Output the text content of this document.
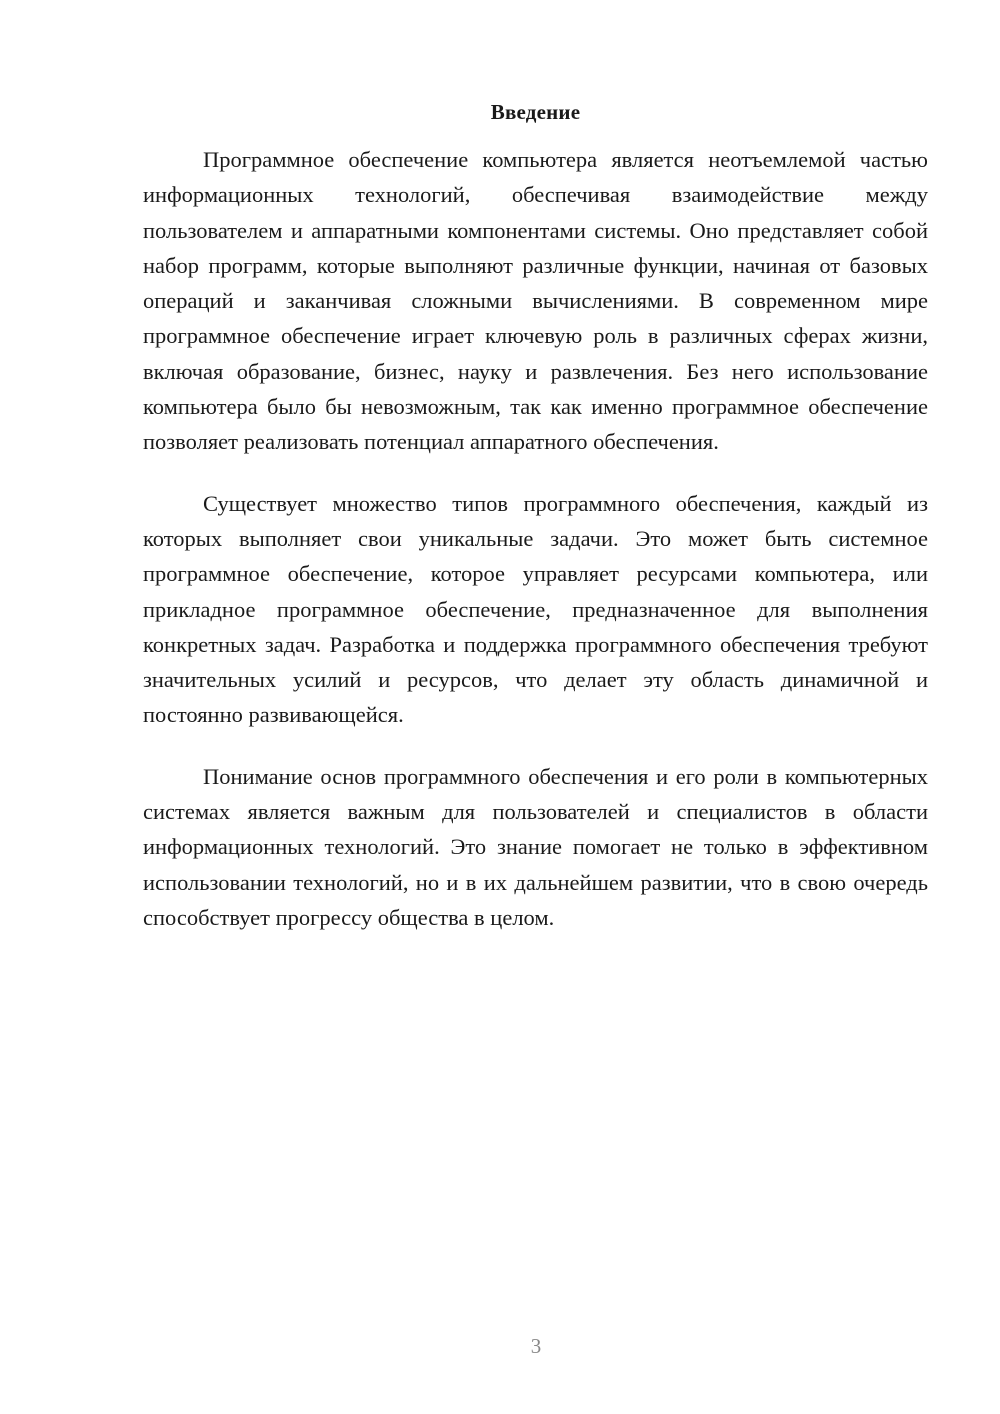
Введение

Программное обеспечение компьютера является неотъемлемой частью информационных технологий, обеспечивая взаимодействие между пользователем и аппаратными компонентами системы. Оно представляет собой набор программ, которые выполняют различные функции, начиная от базовых операций и заканчивая сложными вычислениями. В современном мире программное обеспечение играет ключевую роль в различных сферах жизни, включая образование, бизнес, науку и развлечения. Без него использование компьютера было бы невозможным, так как именно программное обеспечение позволяет реализовать потенциал аппаратного обеспечения.

Существует множество типов программного обеспечения, каждый из которых выполняет свои уникальные задачи. Это может быть системное программное обеспечение, которое управляет ресурсами компьютера, или прикладное программное обеспечение, предназначенное для выполнения конкретных задач. Разработка и поддержка программного обеспечения требуют значительных усилий и ресурсов, что делает эту область динамичной и постоянно развивающейся.

Понимание основ программного обеспечения и его роли в компьютерных системах является важным для пользователей и специалистов в области информационных технологий. Это знание помогает не только в эффективном использовании технологий, но и в их дальнейшем развитии, что в свою очередь способствует прогрессу общества в целом.

3
